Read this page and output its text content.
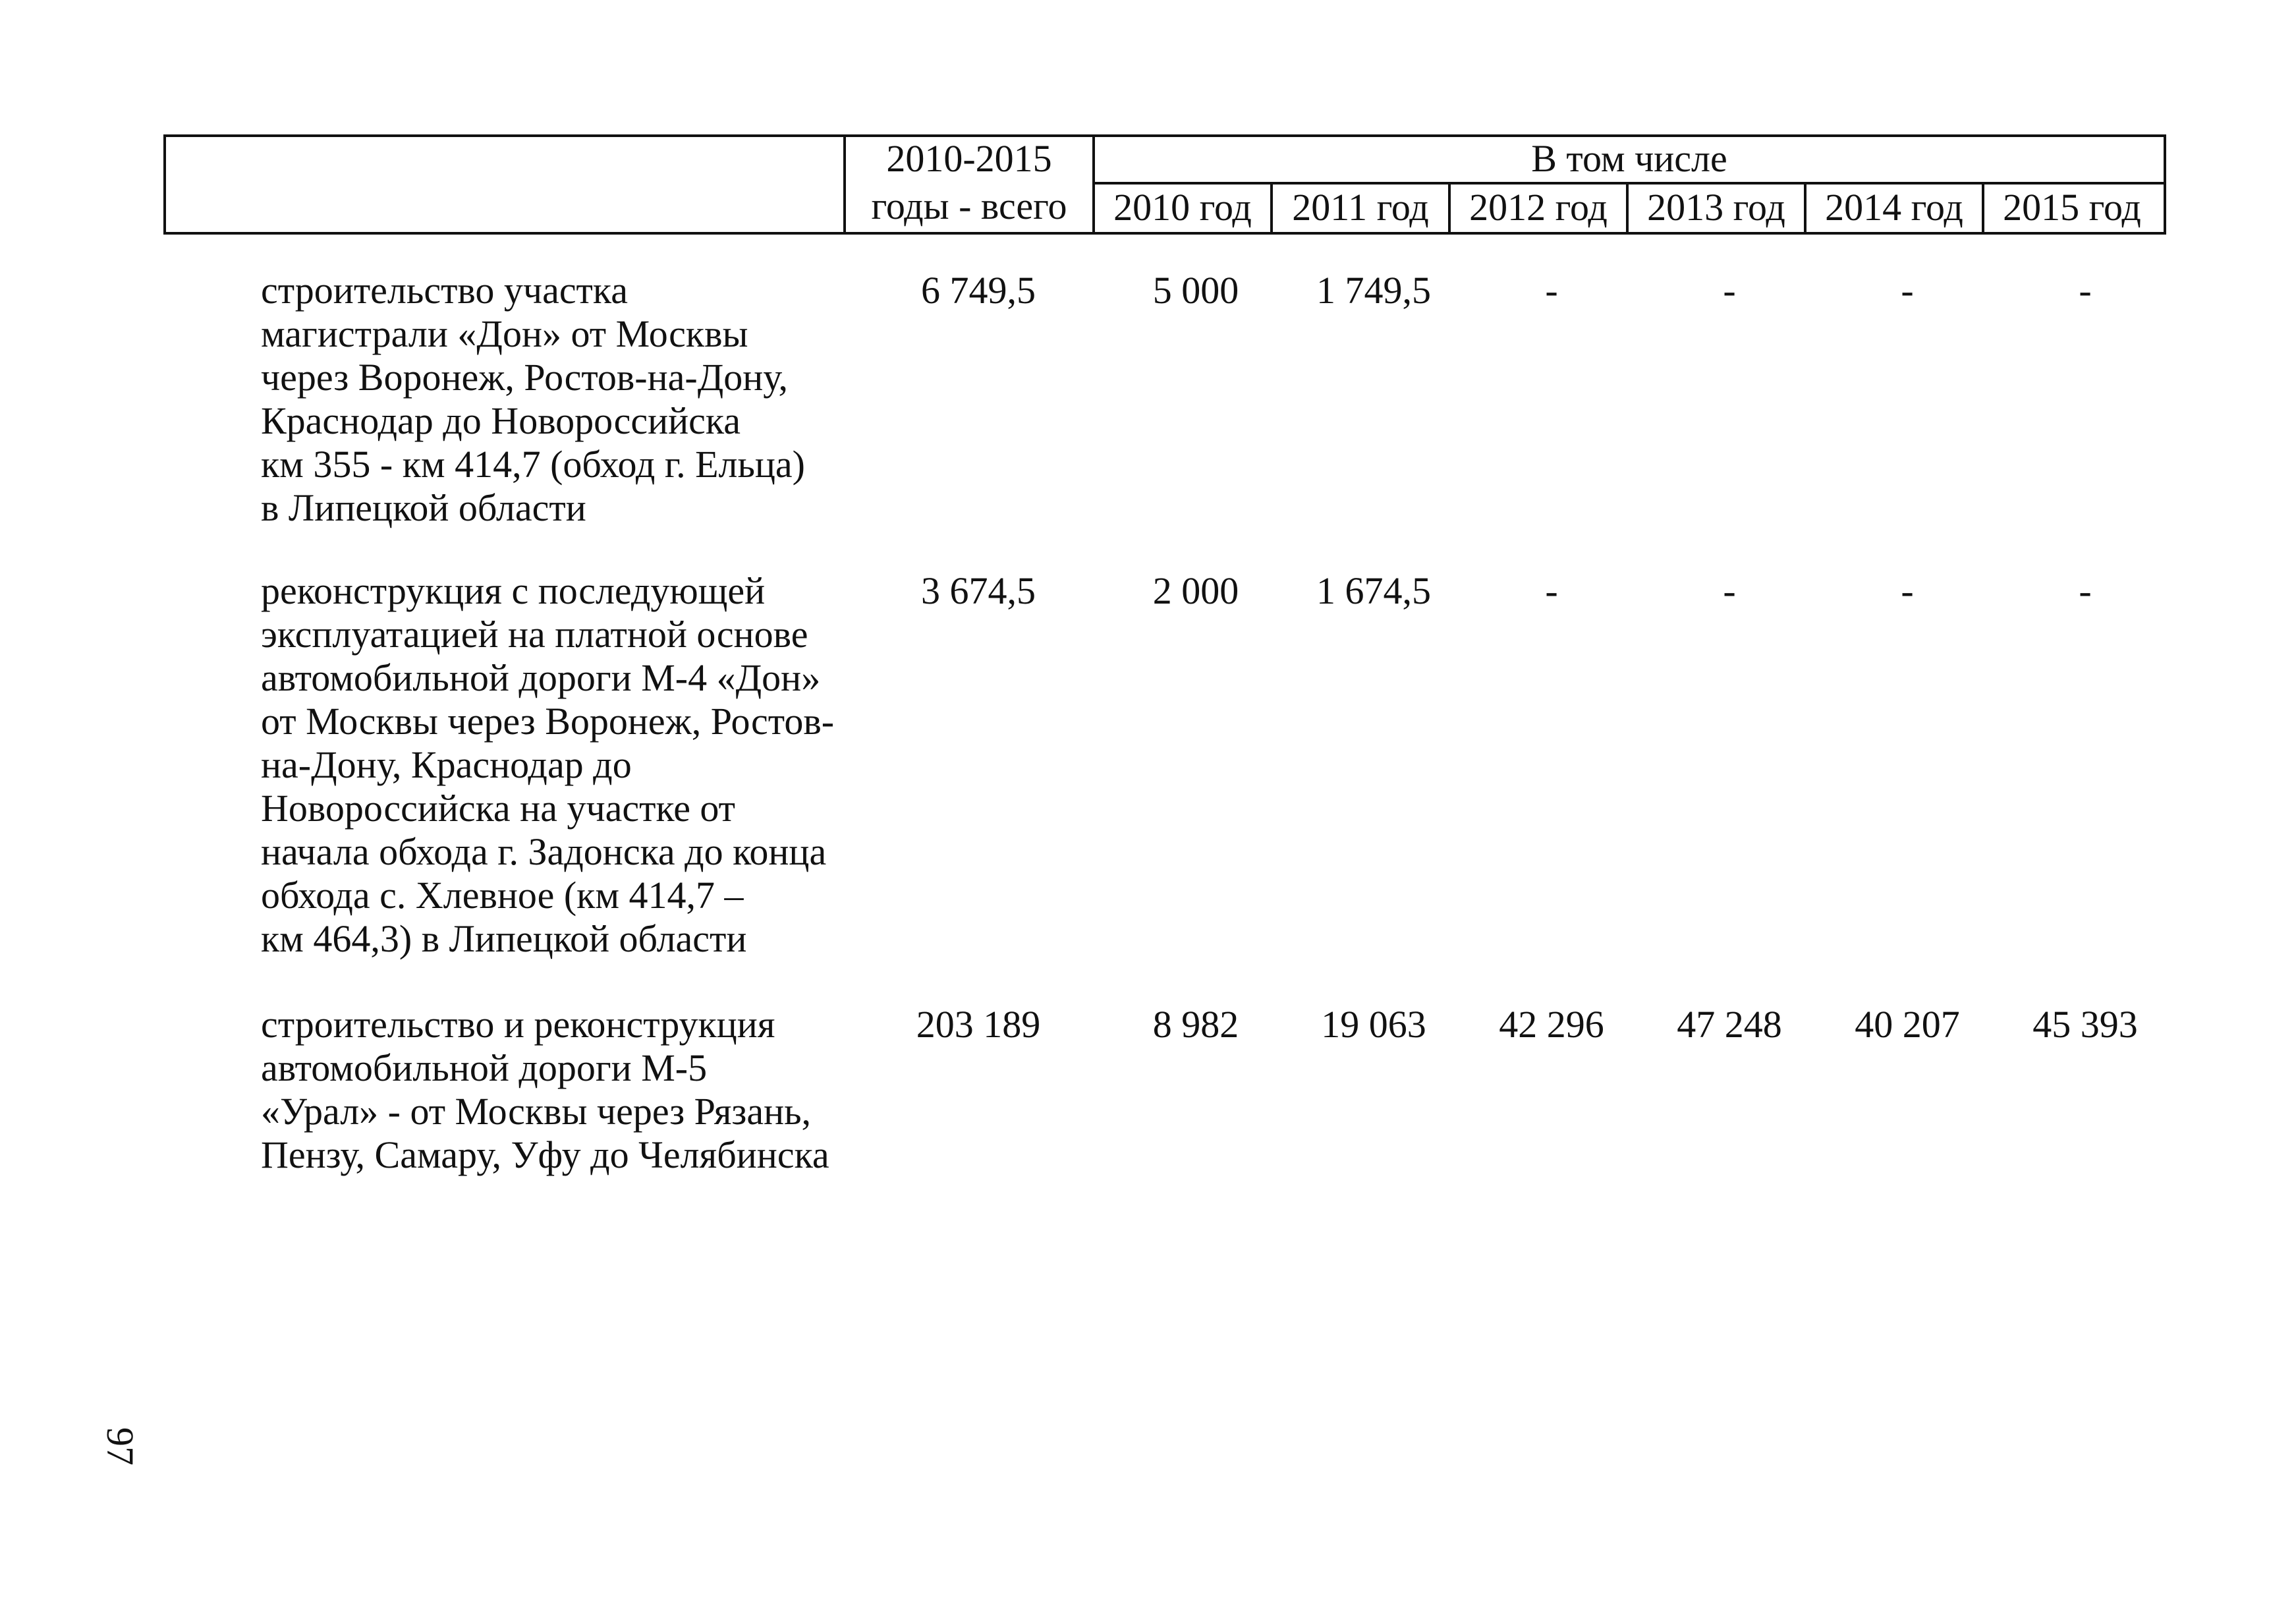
2010-2015
годы - всего
В том числе
2010 год	2011 год	2012 год	2013 год	2014 год	2015 год
строительство участка
магистрали «Дон» от Москвы
через Воронеж, Ростов-на-Дону,
Краснодар до Новороссийска
км 355 - км 414,7 (обход г. Ельца)
в Липецкой области
6 749,5	5 000	1 749,5	-	-	-	-
реконструкция с последующей
эксплуатацией на платной основе
автомобильной дороги М-4 «Дон»
от Москвы через Воронеж, Ростов-
на-Дону, Краснодар до
Новороссийска на участке от
начала обхода г. Задонска до конца
обхода с. Хлевное (км 414,7 –
км 464,3) в Липецкой области
3 674,5	2 000	1 674,5	-	-	-	-
строительство и реконструкция
автомобильной дороги М-5
«Урал» - от Москвы через Рязань,
Пензу, Самару, Уфу до Челябинска
203 189	8 982	19 063	42 296	47 248	40 207	45 393
97
